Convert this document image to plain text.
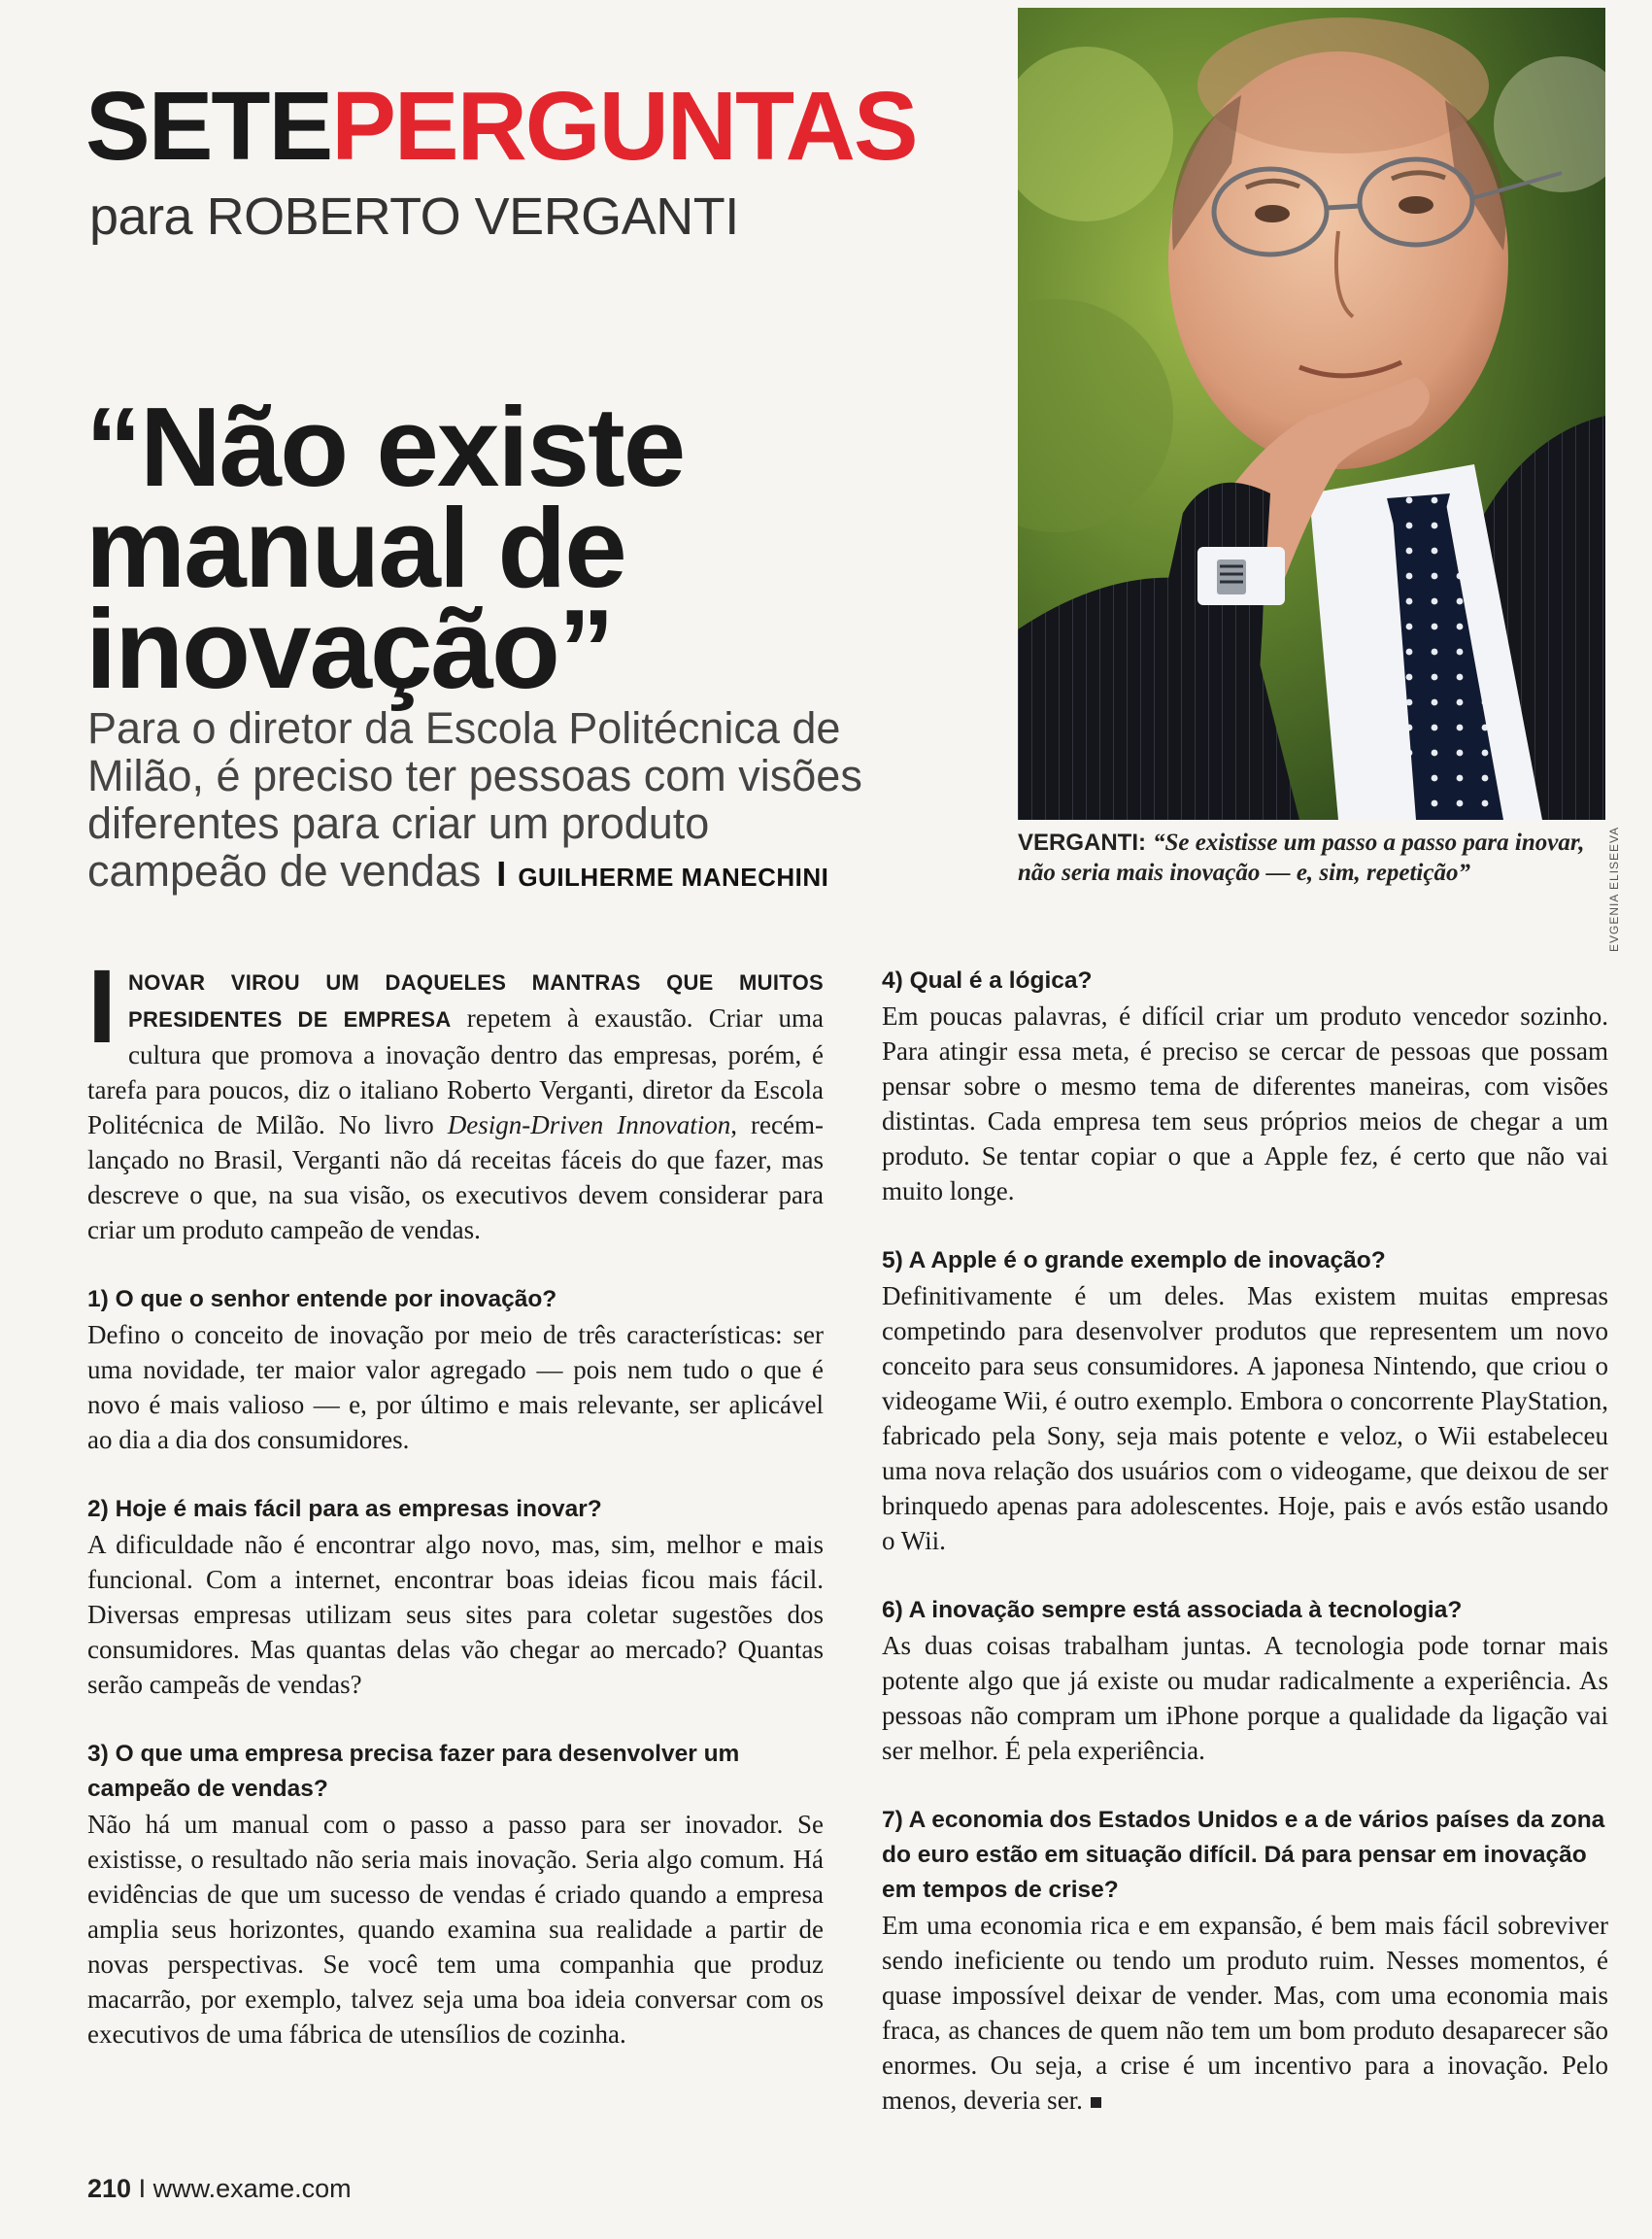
SETEPERGUNTAS
para ROBERTO VERGANTI
“Não existe manual de inovação”

Para o diretor da Escola Politécnica de Milão, é preciso ter pessoas com visões diferentes para criar um produto campeão de vendas I GUILHERME MANECHINI	EVGENIA ELISEEVA
VERGANTI: “Se existisse um passo a passo para inovar, não seria mais inovação — e, sim, repetição”

INOVAR VIROU UM DAQUELES MANTRAS QUE MUITOS PRESIDENTES DE EMPRESA repetem à exaustão. Criar uma cultura que promova a inovação dentro das empresas, porém, é tarefa para poucos, diz o italiano Roberto Verganti, diretor da Escola Politécnica de Milão. No livro Design-Driven Innovation, recém-lançado no Brasil, Verganti não dá receitas fáceis do que fazer, mas descreve o que, na sua visão, os executivos devem considerar para criar um produto campeão de vendas.

1) O que o senhor entende por inovação?

Defino o conceito de inovação por meio de três características: ser uma novidade, ter maior valor agregado — pois nem tudo o que é novo é mais valioso — e, por último e mais relevante, ser aplicável ao dia a dia dos consumidores.

2) Hoje é mais fácil para as empresas inovar?

A dificuldade não é encontrar algo novo, mas, sim, melhor e mais funcional. Com a internet, encontrar boas ideias ficou mais fácil. Diversas empresas utilizam seus sites para coletar sugestões dos consumidores. Mas quantas delas vão chegar ao mercado? Quantas serão campeãs de vendas?

3) O que uma empresa precisa fazer para desenvolver um campeão de vendas?

Não há um manual com o passo a passo para ser inovador. Se existisse, o resultado não seria mais inovação. Seria algo comum. Há evidências de que um sucesso de vendas é criado quando a empresa amplia seus horizontes, quando examina sua realidade a partir de novas perspectivas. Se você tem uma companhia que produz macarrão, por exemplo, talvez seja uma boa ideia conversar com os executivos de uma fábrica de utensílios de cozinha.

4) Qual é a lógica?

Em poucas palavras, é difícil criar um produto vencedor sozinho. Para atingir essa meta, é preciso se cercar de pessoas que possam pensar sobre o mesmo tema de diferentes maneiras, com visões distintas. Cada empresa tem seus próprios meios de chegar a um produto. Se tentar copiar o que a Apple fez, é certo que não vai muito longe.

5) A Apple é o grande exemplo de inovação?

Definitivamente é um deles. Mas existem muitas empresas competindo para desenvolver produtos que representem um novo conceito para seus consumidores. A japonesa Nintendo, que criou o videogame Wii, é outro exemplo. Embora o concorrente PlayStation, fabricado pela Sony, seja mais potente e veloz, o Wii estabeleceu uma nova relação dos usuários com o videogame, que deixou de ser brinquedo apenas para adolescentes. Hoje, pais e avós estão usando o Wii.

6) A inovação sempre está associada à tecnologia?

As duas coisas trabalham juntas. A tecnologia pode tornar mais potente algo que já existe ou mudar radicalmente a experiência. As pessoas não compram um iPhone porque a qualidade da ligação vai ser melhor. É pela experiência.

7) A economia dos Estados Unidos e a de vários países da zona do euro estão em situação difícil. Dá para pensar em inovação em tempos de crise?

Em uma economia rica e em expansão, é bem mais fácil sobreviver sendo ineficiente ou tendo um produto ruim. Nesses momentos, é quase impossível deixar de vender. Mas, com uma economia mais fraca, as chances de quem não tem um bom produto desaparecer são enormes. Ou seja, a crise é um incentivo para a inovação. Pelo menos, deveria ser.

210 I www.exame.com
